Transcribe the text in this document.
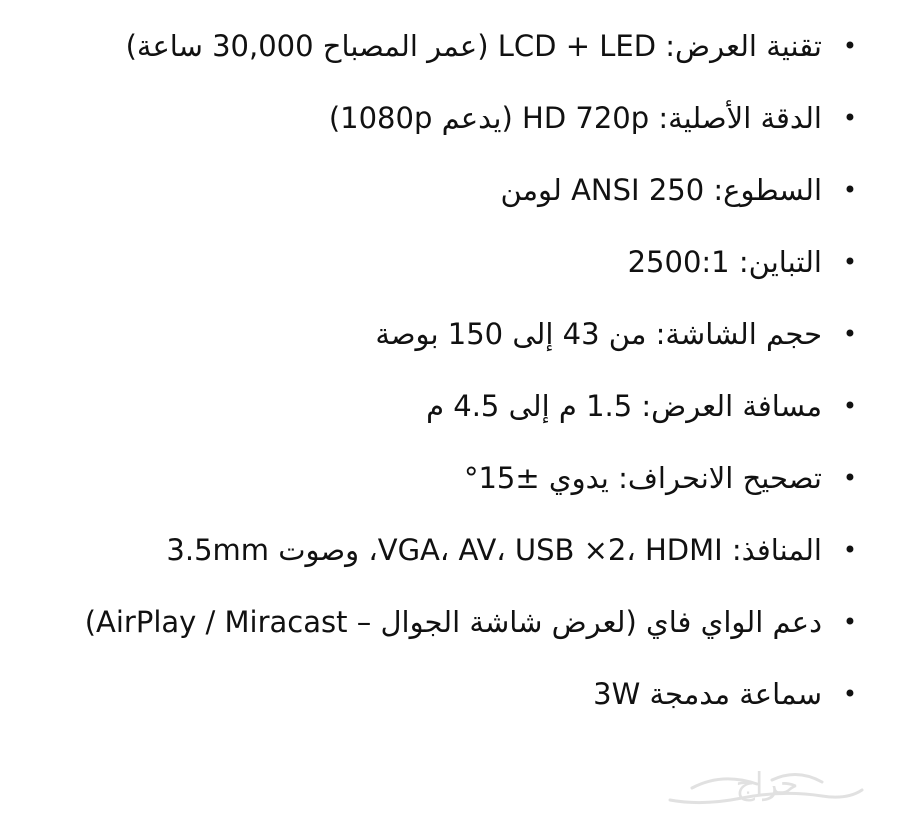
•
تقنية العرض: LCD + LED (عمر المصباح 30,000 ساعة)
•
الدقة الأصلية: HD 720p (يدعم 1080p)
•
السطوع: 250 ANSI لومن
•
التباين: 2500:1
•
حجم الشاشة: من 43 إلى 150 بوصة
•
مسافة العرض: 1.5 م إلى 4.5 م
•
تصحيح الانحراف: يدوي ±15°
•
المنافذ: VGA، AV، USB ×2، HDMI، وصوت 3.5mm
•
دعم الواي فاي (لعرض شاشة الجوال – AirPlay / Miracast)
•
سماعة مدمجة 3W
حراج
